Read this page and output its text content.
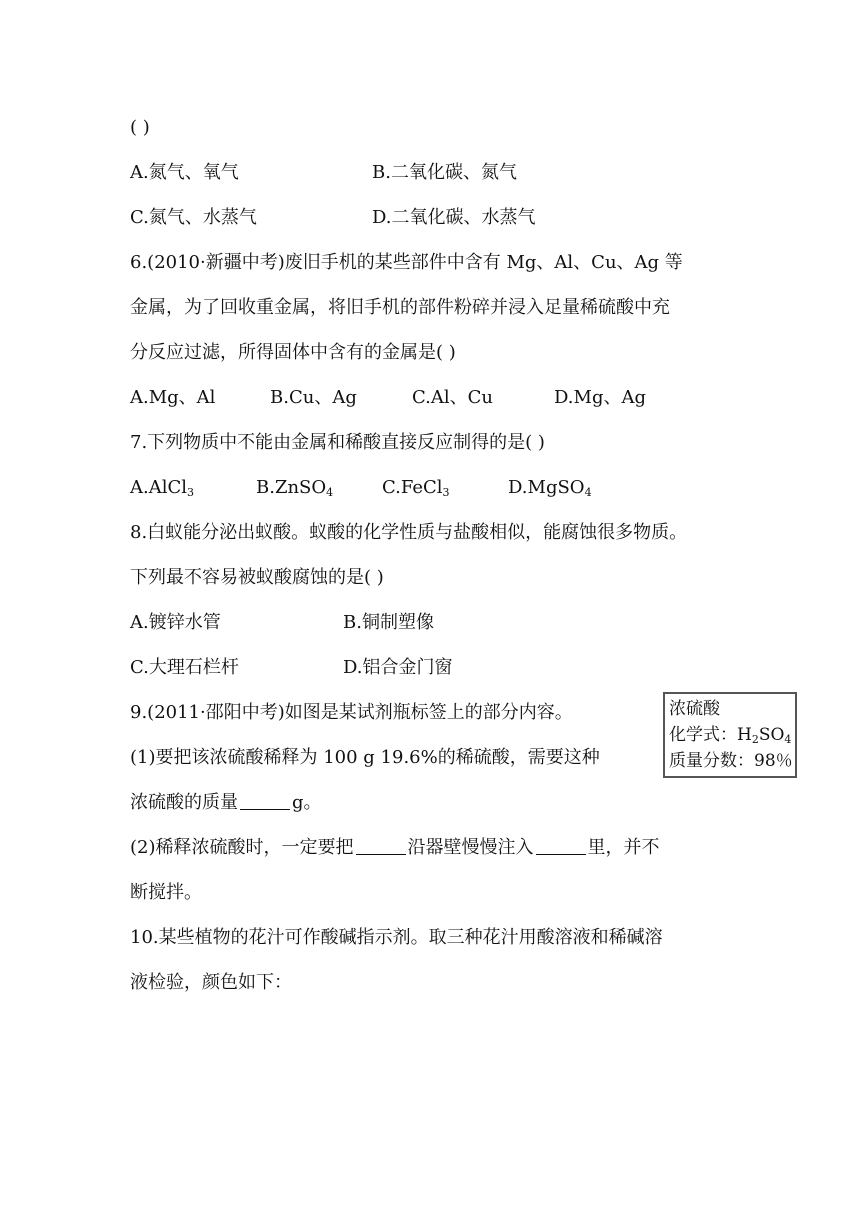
( )
A.氮气、氧气	B.二氧化碳、氮气
C.氮气、水蒸气	D.二氧化碳、水蒸气
6.(2010·新疆中考)废旧手机的某些部件中含有 Mg、Al、Cu、Ag 等
金属，为了回收重金属，将旧手机的部件粉碎并浸入足量稀硫酸中充
分反应过滤，所得固体中含有的金属是( )
A.Mg、Al	B.Cu、Ag	C.Al、Cu	D.Mg、Ag
7.下列物质中不能由金属和稀酸直接反应制得的是( )
A.AlCl$_3$	B.ZnSO$_4$	C.FeCl$_3$	D.MgSO$_4$
8.白蚁能分泌出蚁酸。蚁酸的化学性质与盐酸相似，能腐蚀很多物质。
下列最不容易被蚁酸腐蚀的是( )
A.镀锌水管	B.铜制塑像
C.大理石栏杆	D.铝合金门窗
9.(2011·邵阳中考)如图是某试剂瓶标签上的部分内容。
(1)要把该浓硫酸稀释为 100 g 19.6%的稀硫酸，需要这种
浓硫酸的质量	g。
(2)稀释浓硫酸时，一定要把	沿器壁慢慢注入	里，并不
断搅拌。
10.某些植物的花汁可作酸碱指示剂。取三种花汁用酸溶液和稀碱溶
液检验，颜色如下：
浓硫酸
化学式：$H_2SO_4$
质量分数：98％
